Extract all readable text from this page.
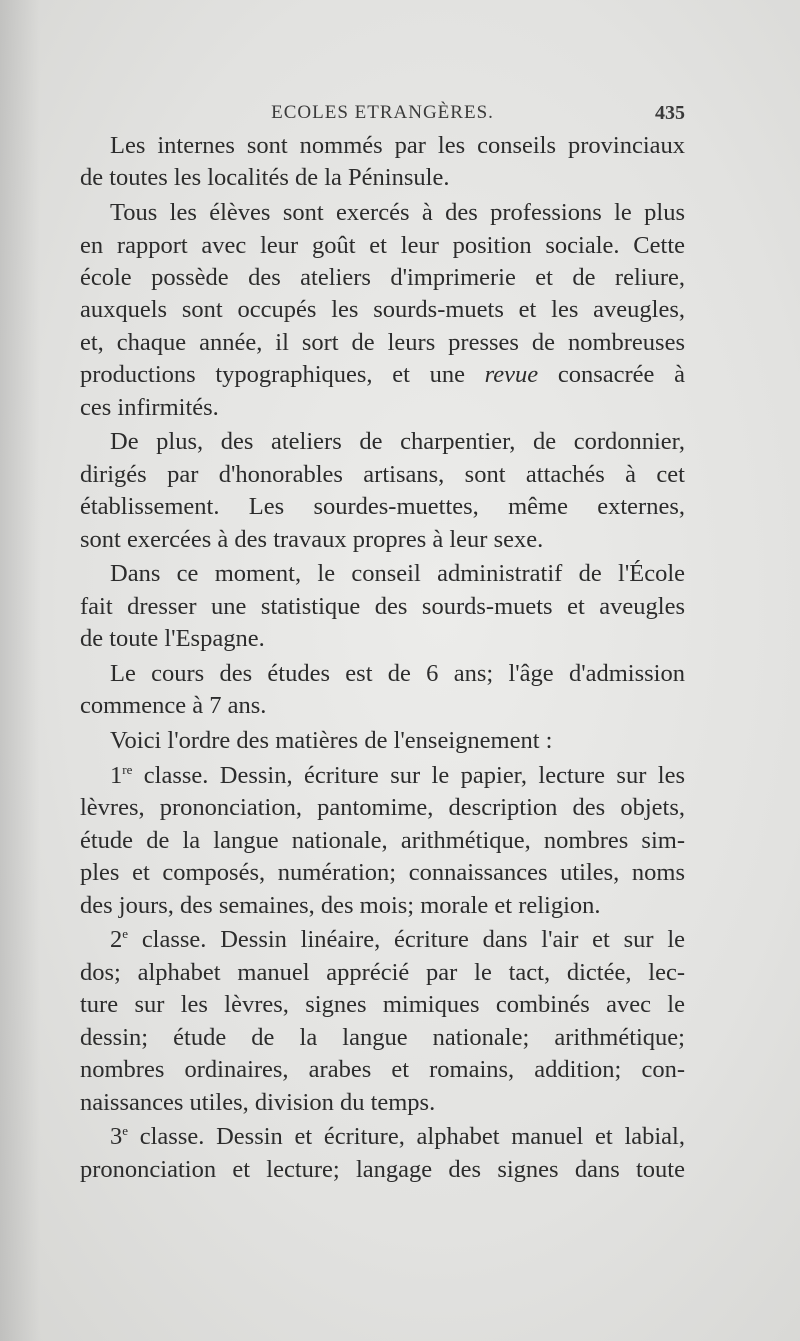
ECOLES ETRANGÈRES.	435
Les internes sont nommés par les conseils provinciaux
de toutes les localités de la Péninsule.
Tous les élèves sont exercés à des professions le plus
en rapport avec leur goût et leur position sociale. Cette
école possède des ateliers d'imprimerie et de reliure,
auxquels sont occupés les sourds-muets et les aveugles,
et, chaque année, il sort de leurs presses de nombreuses
productions typographiques, et une revue consacrée à
ces infirmités.
De plus, des ateliers de charpentier, de cordonnier,
dirigés par d'honorables artisans, sont attachés à cet
établissement. Les sourdes-muettes, même externes,
sont exercées à des travaux propres à leur sexe.
Dans ce moment, le conseil administratif de l'École
fait dresser une statistique des sourds-muets et aveugles
de toute l'Espagne.
Le cours des études est de 6 ans; l'âge d'admission
commence à 7 ans.
Voici l'ordre des matières de l'enseignement :
1re classe. Dessin, écriture sur le papier, lecture sur les
lèvres, prononciation, pantomime, description des objets,
étude de la langue nationale, arithmétique, nombres sim-
ples et composés, numération; connaissances utiles, noms
des jours, des semaines, des mois; morale et religion.
2e classe. Dessin linéaire, écriture dans l'air et sur le
dos; alphabet manuel apprécié par le tact, dictée, lec-
ture sur les lèvres, signes mimiques combinés avec le
dessin; étude de la langue nationale; arithmétique;
nombres ordinaires, arabes et romains, addition; con-
naissances utiles, division du temps.
3e classe. Dessin et écriture, alphabet manuel et labial,
prononciation et lecture; langage des signes dans toute
